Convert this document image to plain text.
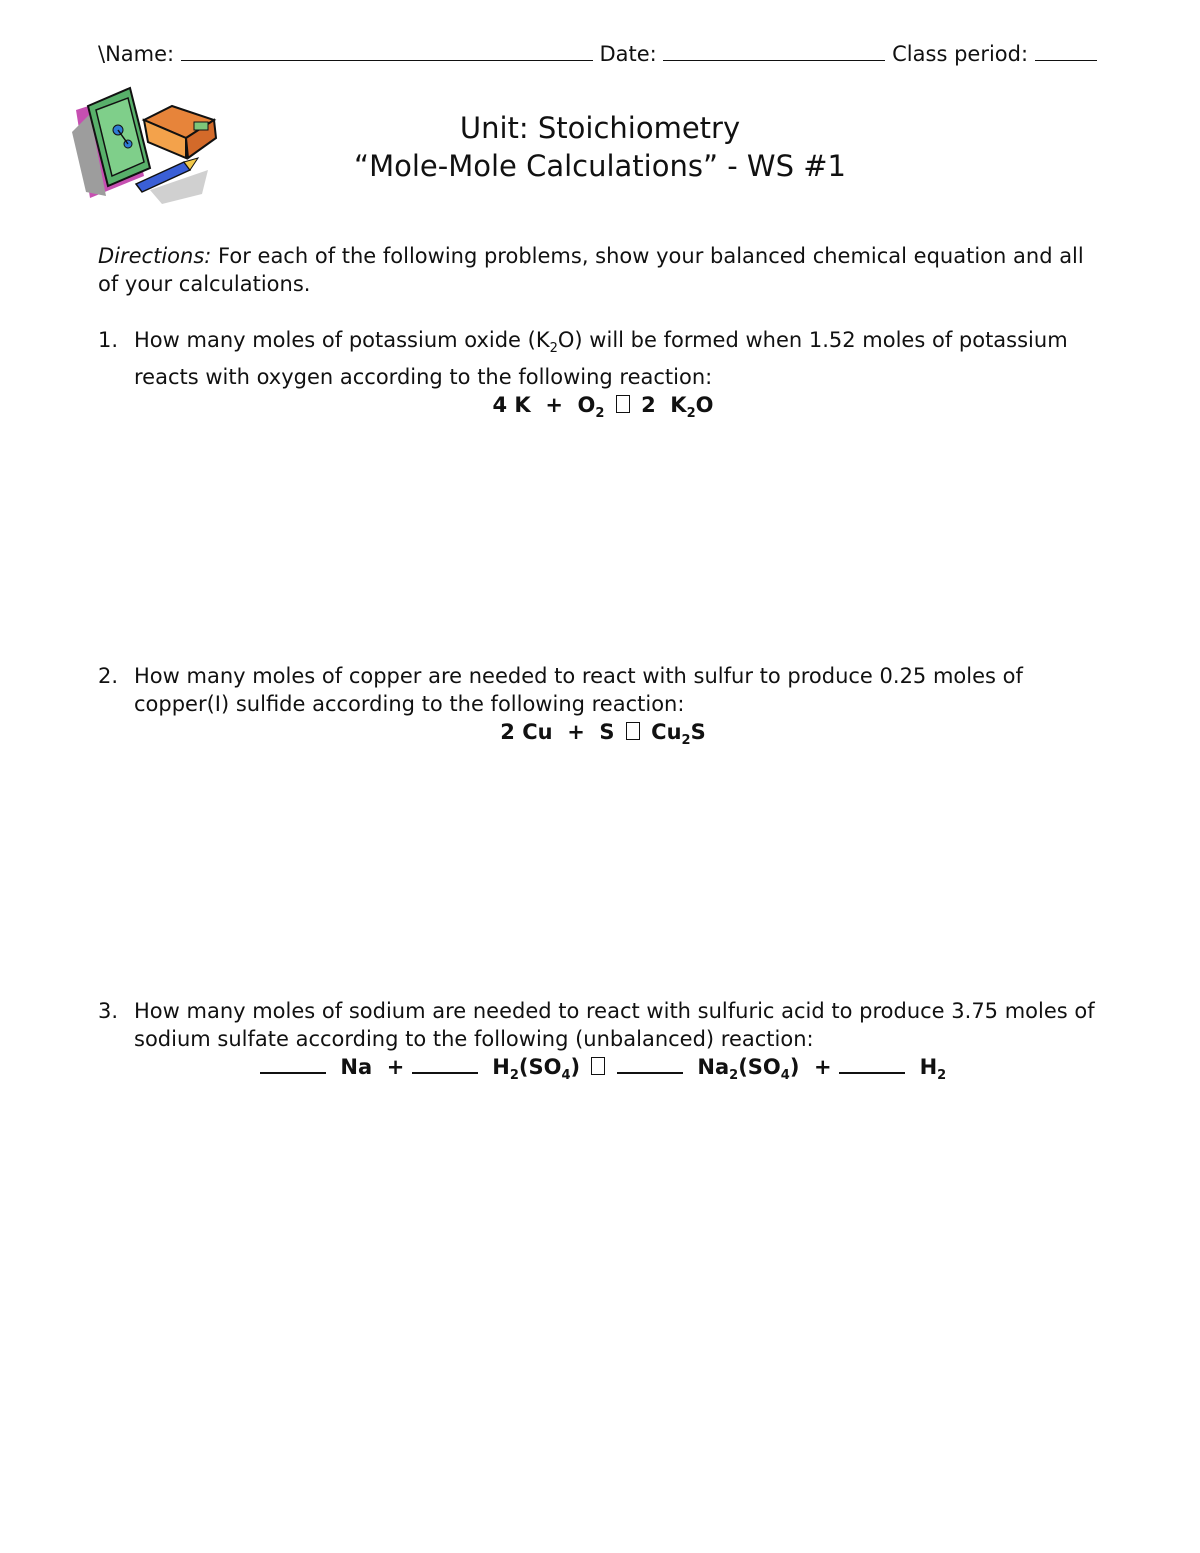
\Name:	Date:	Class period:
Unit: Stoichiometry
“Mole-Mole Calculations” - WS #1
Directions: For each of the following problems, show your balanced chemical equation and all of your calculations.
1. How many moles of potassium oxide $(K_2O)$ will be formed when 1.52 moles of potassium reacts with oxygen according to the following reaction:
4 $K + O_2$ 2  $K_2O$
2. How many moles of copper are needed to react with sulfur to produce 0.25 moles of copper(I) sulfide according to the following reaction:
2 Cu  +  S $Cu_2S$
3. How many moles of sodium are needed to react with sulfuric acid to produce 3.75 moles of sodium sulfate according to the following (unbalanced) reaction:
Na  +	$H_2(SO_4)$	$Na_2(SO_4)$  +	$H_2$
